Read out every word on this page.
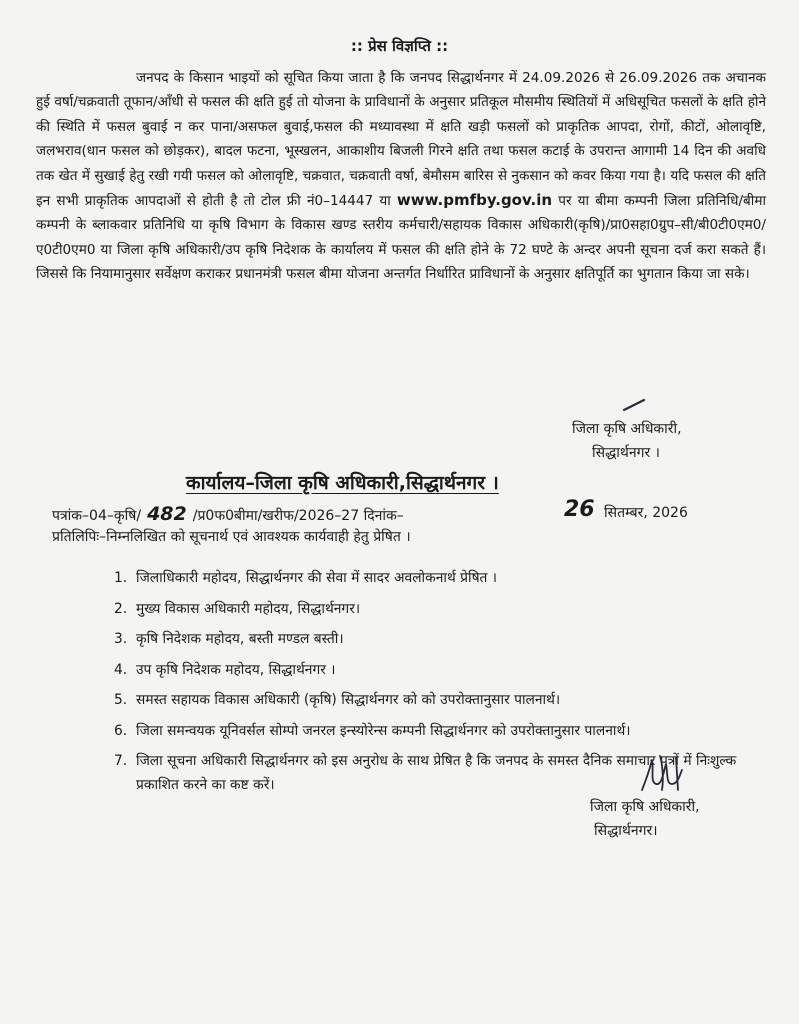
:: प्रेस विज्ञप्ति ::
जनपद के किसान भाइयों को सूचित किया जाता है कि जनपद सिद्धार्थनगर में 24.09.2026 से 26.09.2026 तक अचानक हुई वर्षा/चक्रवाती तूफान/आँधी से फसल की क्षति हुई तो योजना के प्राविधानों के अनुसार प्रतिकूल मौसमीय स्थितियों में अधिसूचित फसलों के क्षति होने की स्थिति में फसल बुवाई न कर पाना/असफल बुवाई,फसल की मध्यावस्था में क्षति खड़ी फसलों को प्राकृतिक आपदा, रोगों, कीटों, ओलावृष्टि, जलभराव(धान फसल को छोड़कर), बादल फटना, भूस्खलन, आकाशीय बिजली गिरने क्षति तथा फसल कटाई के उपरान्त आगामी 14 दिन की अवधि तक खेत में सुखाई हेतु रखी गयी फसल को ओलावृष्टि, चक्रवात, चक्रवाती वर्षा, बेमौसम बारिस से नुकसान को कवर किया गया है। यदि फसल की क्षति इन सभी प्राकृतिक आपदाओं से होती है तो टोल फ्री नं0–14447 या www.pmfby.gov.in पर या बीमा कम्पनी जिला प्रतिनिधि/बीमा कम्पनी के ब्लाकवार प्रतिनिधि या कृषि विभाग के विकास खण्ड स्तरीय कर्मचारी/सहायक विकास अधिकारी(कृषि)/प्रा0सहा0ग्रुप–सी/बी0टी0एम0/ए0टी0एम0 या जिला कृषि अधिकारी/उप कृषि निदेशक के कार्यालय में फसल की क्षति होने के 72 घण्टे के अन्दर अपनी सूचना दर्ज करा सकते हैं। जिससे कि नियामानुसार सर्वेक्षण कराकर प्रधानमंत्री फसल बीमा योजना अन्तर्गत निर्धारित प्राविधानों के अनुसार क्षतिपूर्ति का भुगतान किया जा सके।
जिला कृषि अधिकारी,
सिद्धार्थनगर ।
कार्यालय–जिला कृषि अधिकारी,सिद्धार्थनगर ।
पत्रांक–04–कृषि/ 482 /प्र0फ0बीमा/खरीफ/2026–27 दिनांक–	26 सितम्बर, 2026
प्रतिलिपिः–निम्नलिखित को सूचनार्थ एवं आवश्यक कार्यवाही हेतु प्रेषित ।
1. जिलाधिकारी महोदय, सिद्धार्थनगर की सेवा में सादर अवलोकनार्थ प्रेषित ।
2. मुख्य विकास अधिकारी महोदय, सिद्धार्थनगर।
3. कृषि निदेशक महोदय, बस्ती मण्डल बस्ती।
4. उप कृषि निदेशक महोदय, सिद्धार्थनगर ।
5. समस्त सहायक विकास अधिकारी (कृषि) सिद्धार्थनगर को को उपरोक्तानुसार पालनार्थ।
6. जिला समन्वयक यूनिवर्सल सोम्पो जनरल इन्स्योरेन्स कम्पनी सिद्धार्थनगर को उपरोक्तानुसार पालनार्थ।
7. जिला सूचना अधिकारी सिद्धार्थनगर को इस अनुरोध के साथ प्रेषित है कि जनपद के समस्त दैनिक समाचार पत्रों में निःशुल्क प्रकाशित करने का कष्ट करें।
जिला कृषि अधिकारी,
सिद्धार्थनगर।
